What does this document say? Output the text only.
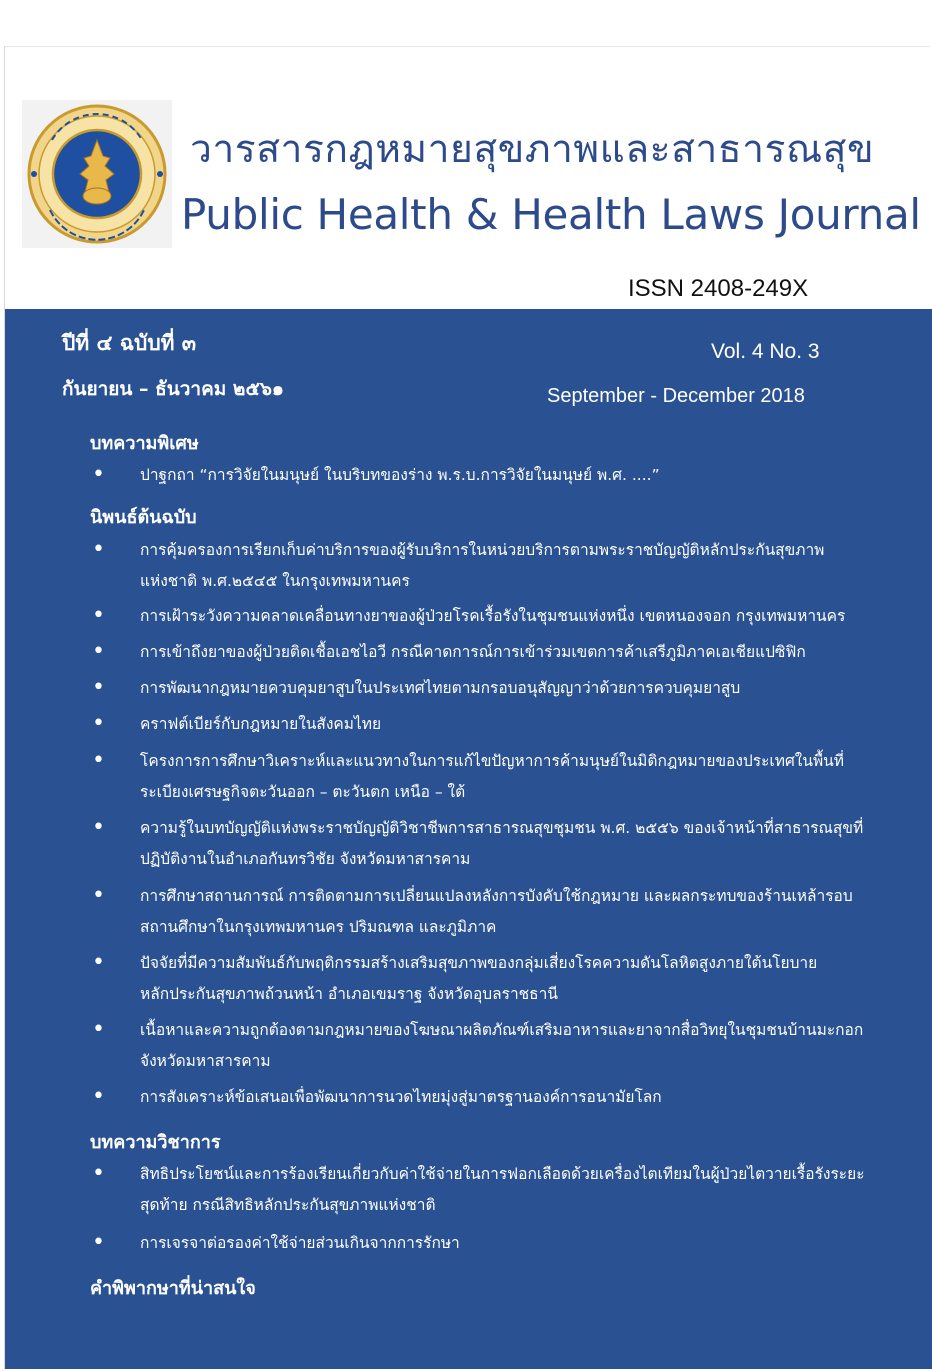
วารสารกฎหมายสุขภาพและสาธารณสุข
Public Health & Health Laws Journal
ISSN 2408-249X
ปีที่ ๔ ฉบับที่ ๓
กันยายน – ธันวาคม ๒๕๖๑
Vol. 4 No. 3
September - December 2018
บทความพิเศษ
• ปาฐกถา “การวิจัยในมนุษย์ ในบริบทของร่าง พ.ร.บ.การวิจัยในมนุษย์ พ.ศ. ....”
นิพนธ์ต้นฉบับ
• การคุ้มครองการเรียกเก็บค่าบริการของผู้รับบริการในหน่วยบริการตามพระราชบัญญัติหลักประกันสุขภาพ
แห่งชาติ พ.ศ.๒๕๔๕ ในกรุงเทพมหานคร
• การเฝ้าระวังความคลาดเคลื่อนทางยาของผู้ป่วยโรคเรื้อรังในชุมชนแห่งหนึ่ง เขตหนองจอก กรุงเทพมหานคร
• การเข้าถึงยาของผู้ป่วยติดเชื้อเอชไอวี กรณีคาดการณ์การเข้าร่วมเขตการค้าเสรีภูมิภาคเอเชียแปซิฟิก
• การพัฒนากฎหมายควบคุมยาสูบในประเทศไทยตามกรอบอนุสัญญาว่าด้วยการควบคุมยาสูบ
• คราฟต์เบียร์กับกฎหมายในสังคมไทย
• โครงการการศึกษาวิเคราะห์และแนวทางในการแก้ไขปัญหาการค้ามนุษย์ในมิติกฎหมายของประเทศในพื้นที่
ระเบียงเศรษฐกิจตะวันออก – ตะวันตก เหนือ – ใต้
• ความรู้ในบทบัญญัติแห่งพระราชบัญญัติวิชาชีพการสาธารณสุขชุมชน พ.ศ. ๒๕๕๖ ของเจ้าหน้าที่สาธารณสุขที่
ปฏิบัติงานในอำเภอกันทรวิชัย จังหวัดมหาสารคาม
• การศึกษาสถานการณ์ การติดตามการเปลี่ยนแปลงหลังการบังคับใช้กฎหมาย และผลกระทบของร้านเหล้ารอบ
สถานศึกษาในกรุงเทพมหานคร ปริมณฑล และภูมิภาค
• ปัจจัยที่มีความสัมพันธ์กับพฤติกรรมสร้างเสริมสุขภาพของกลุ่มเสี่ยงโรคความดันโลหิตสูงภายใต้นโยบาย
หลักประกันสุขภาพถ้วนหน้า อำเภอเขมราฐ จังหวัดอุบลราชธานี
• เนื้อหาและความถูกต้องตามกฎหมายของโฆษณาผลิตภัณฑ์เสริมอาหารและยาจากสื่อวิทยุในชุมชนบ้านมะกอก
จังหวัดมหาสารคาม
• การสังเคราะห์ข้อเสนอเพื่อพัฒนาการนวดไทยมุ่งสู่มาตรฐานองค์การอนามัยโลก
บทความวิชาการ
• สิทธิประโยชน์และการร้องเรียนเกี่ยวกับค่าใช้จ่ายในการฟอกเลือดด้วยเครื่องไตเทียมในผู้ป่วยไตวายเรื้อรังระยะ
สุดท้าย กรณีสิทธิหลักประกันสุขภาพแห่งชาติ
• การเจรจาต่อรองค่าใช้จ่ายส่วนเกินจากการรักษา
คำพิพากษาที่น่าสนใจ
